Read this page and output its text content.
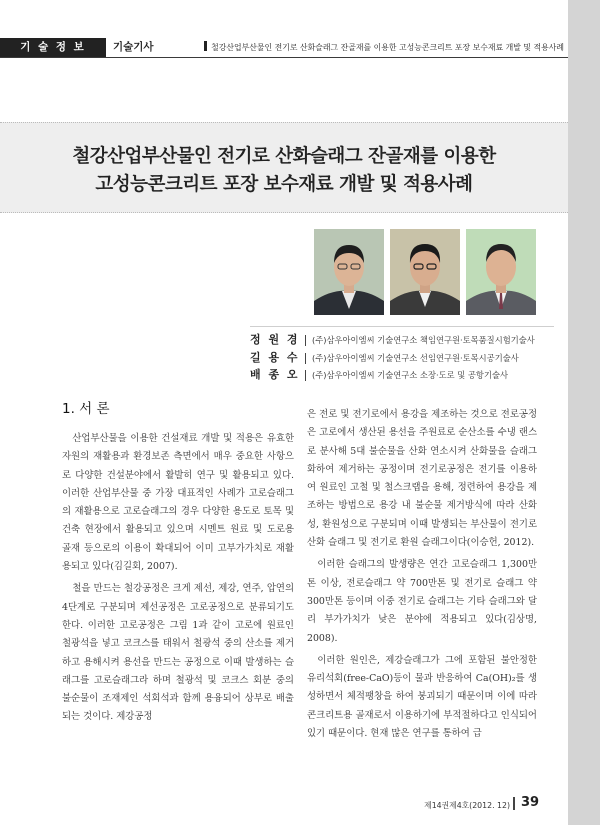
기 술 정 보	기술기사	철강산업부산물인 전기로 산화슬래그 잔골재를 이용한 고성능콘크리트 포장 보수재료 개발 및 적용사례
철강산업부산물인 전기로 산화슬래그 잔골재를 이용한
고성능콘크리트 포장 보수재료 개발 및 적용사례
정 원 경 (주)삼우아이엠씨 기술연구소 책임연구원·토목품질시험기술사
길 용 수 (주)삼우아이엠씨 기술연구소 선임연구원·토목시공기술사
배 종 오 (주)삼우아이엠씨 기술연구소 소장·도로 및 공항기술사
1. 서 론

산업부산물을 이용한 건설재료 개발 및 적용은 유효한 자원의 재활용과 환경보존 측면에서 매우 중요한 사항으로 다양한 건설분야에서 활발히 연구 및 활용되고 있다. 이러한 산업부산물 중 가장 대표적인 사례가 고로슬래그의 재활용으로 고로슬래그의 경우 다양한 용도로 토목 및 건축 현장에서 활용되고 있으며 시멘트 원료 및 도로용 골재 등으로의 이용이 확대되어 이미 고부가가치로 재활용되고 있다(김길회, 2007).

철을 만드는 철강공정은 크게 제선, 제강, 연주, 압연의 4단계로 구분되며 제선공정은 고로공정으로 분류되기도 한다. 이러한 고로공정은 그림 1과 같이 고로에 원료인 철광석을 넣고 코크스를 태워서 철광석 중의 산소를 제거하고 용해시켜 용선을 만드는 공정으로 이때 발생하는 슬래그를 고로슬래그라 하며 철광석 및 코크스 회분 중의 불순물이 조재제인 석회석과 함께 용융되어 상부로 배출되는 것이다. 제강공정

은 전로 및 전기로에서 용강을 제조하는 것으로 전로공정은 고로에서 생산된 용선을 주원료로 순산소를 수냉 랜스로 분사해 5대 불순물을 산화 연소시켜 산화물을 슬래그화하여 제거하는 공정이며 전기로공정은 전기를 이용하여 원료인 고철 및 철스크랩을 용해, 정련하여 용강을 제조하는 방법으로 용강 내 불순물 제거방식에 따라 산화성, 환원성으로 구분되며 이때 발생되는 부산물이 전기로 산화 슬래그 및 전기로 환원 슬래그이다(이승헌, 2012).

이러한 슬래그의 발생량은 연간 고로슬래그 1,300만톤 이상, 전로슬래그 약 700만톤 및 전기로 슬래그 약 300만톤 등이며 이중 전기로 슬래그는 기타 슬래그와 달리 부가가치가 낮은 분야에 적용되고 있다(김상명, 2008).

이러한 원인은, 제강슬래그가 그에 포함된 불안정한 유리석회(free-CaO)등이 물과 반응하여 Ca(OH)₂를 생성하면서 체적팽창을 하여 붕괴되기 때문이며 이에 따라 콘크리트용 골재로서 이용하기에 부적절하다고 인식되어 있기 때문이다. 현재 많은 연구를 통하여 급

제14권제4호(2012. 12) 39
